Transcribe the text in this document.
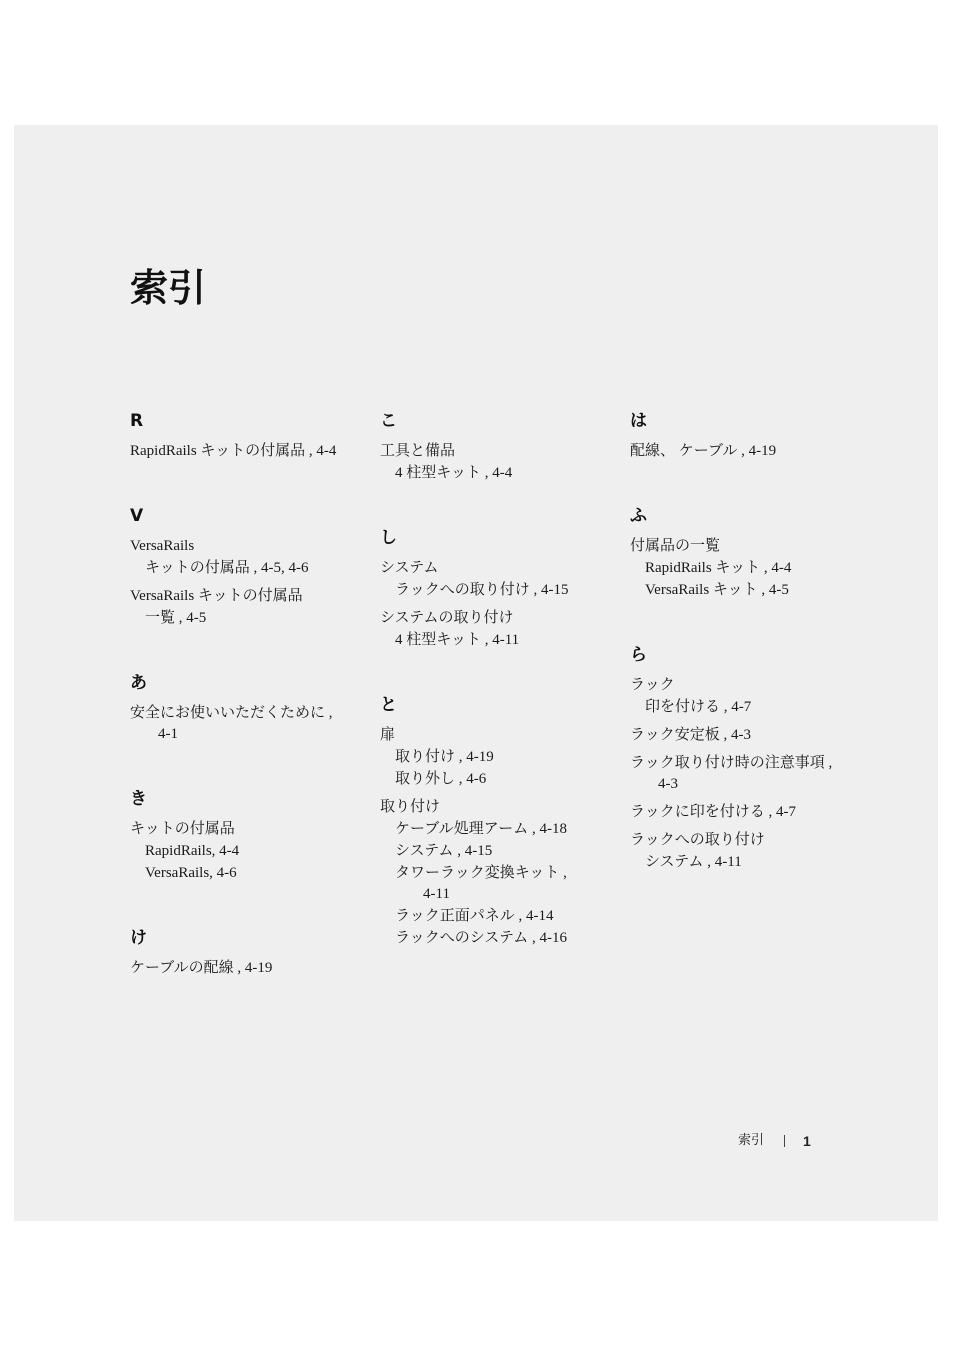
索引
R
RapidRails キットの付属品 , 4-4
V
VersaRails
キットの付属品 , 4-5, 4-6
VersaRails キットの付属品
一覧 , 4-5
あ
安全にお使いいただくために ,
4-1
き
キットの付属品
RapidRails, 4-4
VersaRails, 4-6
け
ケーブルの配線 , 4-19
こ
工具と備品
4 柱型キット , 4-4
し
システム
ラックへの取り付け , 4-15
システムの取り付け
4 柱型キット , 4-11
と
扉
取り付け , 4-19
取り外し , 4-6
取り付け
ケーブル処理アーム , 4-18
システム , 4-15
タワーラック変換キット ,
4-11
ラック正面パネル , 4-14
ラックへのシステム , 4-16
は
配線、 ケーブル , 4-19
ふ
付属品の一覧
RapidRails キット , 4-4
VersaRails キット , 4-5
ら
ラック
印を付ける , 4-7
ラック安定板 , 4-3
ラック取り付け時の注意事項 ,
4-3
ラックに印を付ける , 4-7
ラックへの取り付け
システム , 4-11
索引	1
